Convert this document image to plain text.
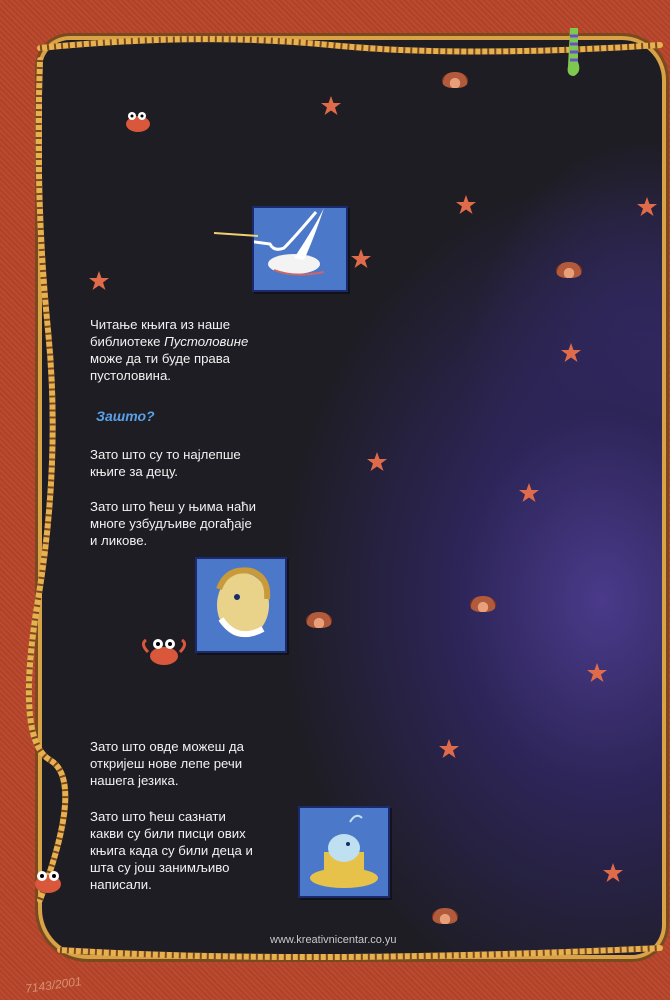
Читање књига из наше

библиотеке Пустоловине

може да ти буде права

пустоловина.

Зашто?

Зато што су то најлепше

књиге за децу.

Зато што ћеш у њима наћи

многе узбудљиве догађаје

и ликове.

Зато што овде можеш да

откријеш нове лепе речи

нашега језика.

Зато што ћеш сазнати

какви су били писци ових

књига када су били деца и

шта су још занимљиво

написали.

www.kreativnicentar.co.yu
7143/2001
